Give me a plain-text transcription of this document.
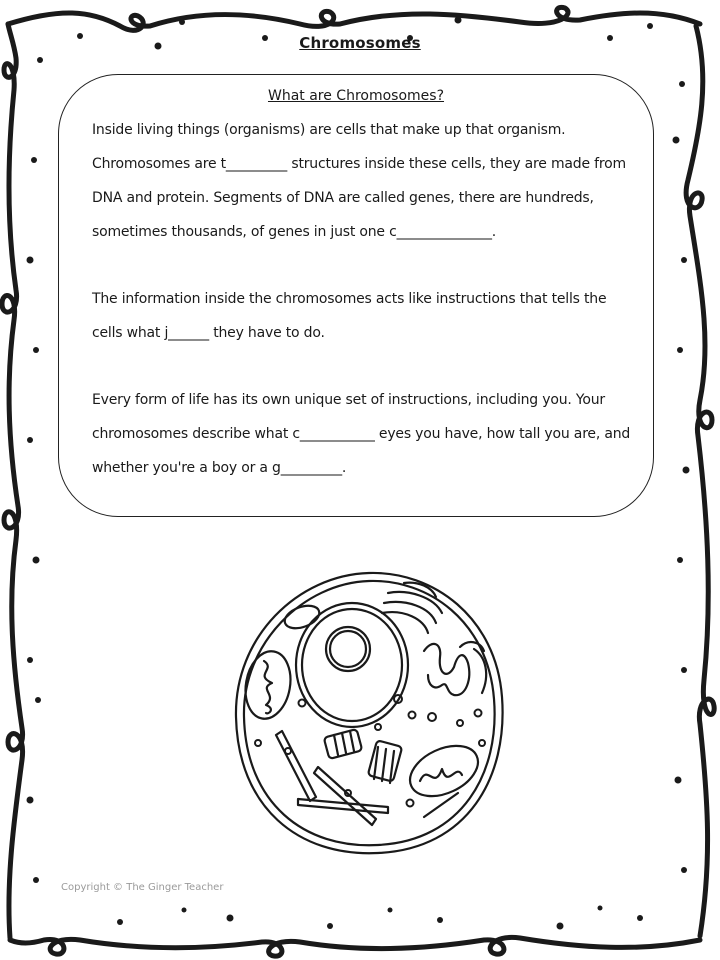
Chromosomes
What are Chromosomes?
Inside living things (organisms) are cells that make up that organism. Chromosomes are t_________ structures inside these cells, they are made from DNA and protein. Segments of DNA are called genes, there are hundreds, sometimes thousands, of genes in just one c______________.
The information inside the chromosomes acts like instructions that tells the cells what j______ they have to do.
Every form of life has its own unique set of instructions, including you. Your chromosomes describe what c___________ eyes you have, how tall you are, and whether you're a boy or a g_________.
Copyright © The Ginger Teacher
